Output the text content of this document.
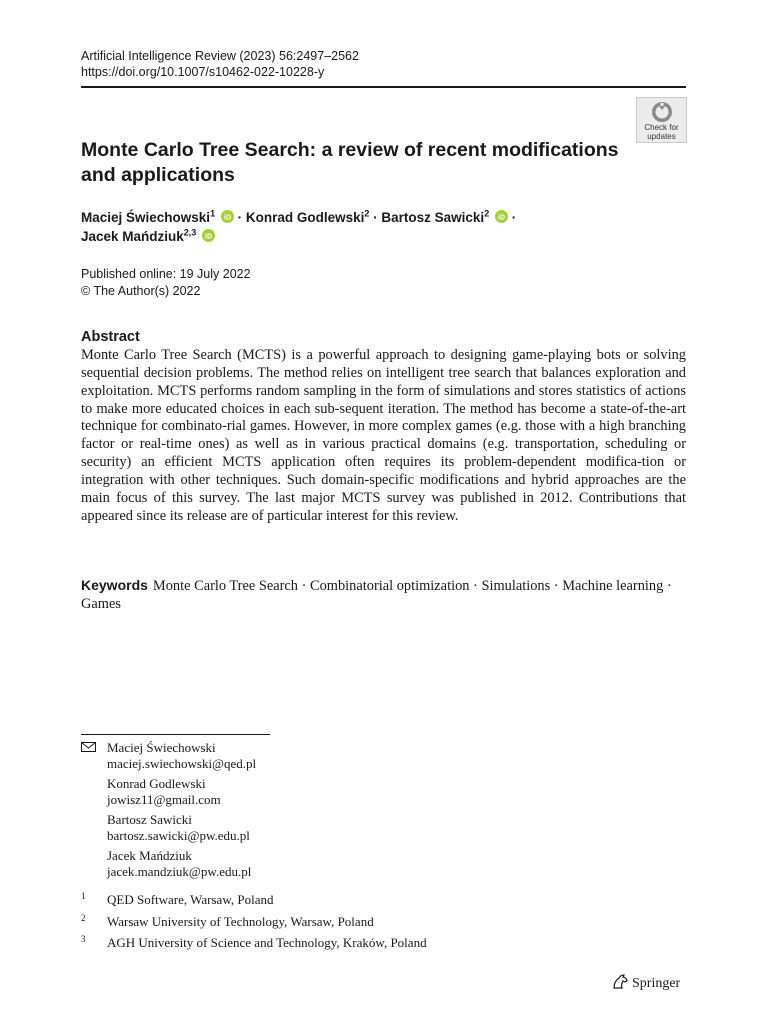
Artificial Intelligence Review (2023) 56:2497–2562
https://doi.org/10.1007/s10462-022-10228-y
Check for
updates
Monte Carlo Tree Search: a review of recent modifications and applications
Maciej Świechowski$^1$ iD · Konrad Godlewski$^2$ · Bartosz Sawicki$^2$ iD ·
Jacek Mańdziuk$^{2,3}$ iD
Published online: 19 July 2022
© The Author(s) 2022
Abstract

Monte Carlo Tree Search (MCTS) is a powerful approach to designing game-playing bots or solving sequential decision problems. The method relies on intelligent tree search that balances exploration and exploitation. MCTS performs random sampling in the form of simulations and stores statistics of actions to make more educated choices in each sub-sequent iteration. The method has become a state-of-the-art technique for combinato-rial games. However, in more complex games (e.g. those with a high branching factor or real-time ones) as well as in various practical domains (e.g. transportation, scheduling or security) an efficient MCTS application often requires its problem-dependent modifica-tion or integration with other techniques. Such domain-specific modifications and hybrid approaches are the main focus of this survey. The last major MCTS survey was published in 2012. Contributions that appeared since its release are of particular interest for this review.

Keywords Monte Carlo Tree Search · Combinatorial optimization · Simulations · Machine learning · Games

Maciej Świechowski
maciej.swiechowski@qed.pl
Konrad Godlewski
jowisz11@gmail.com
Bartosz Sawicki
bartosz.sawicki@pw.edu.pl
Jacek Mańdziuk
jacek.mandziuk@pw.edu.pl
1 QED Software, Warsaw, Poland
2 Warsaw University of Technology, Warsaw, Poland
3 AGH University of Science and Technology, Kraków, Poland
Springer
